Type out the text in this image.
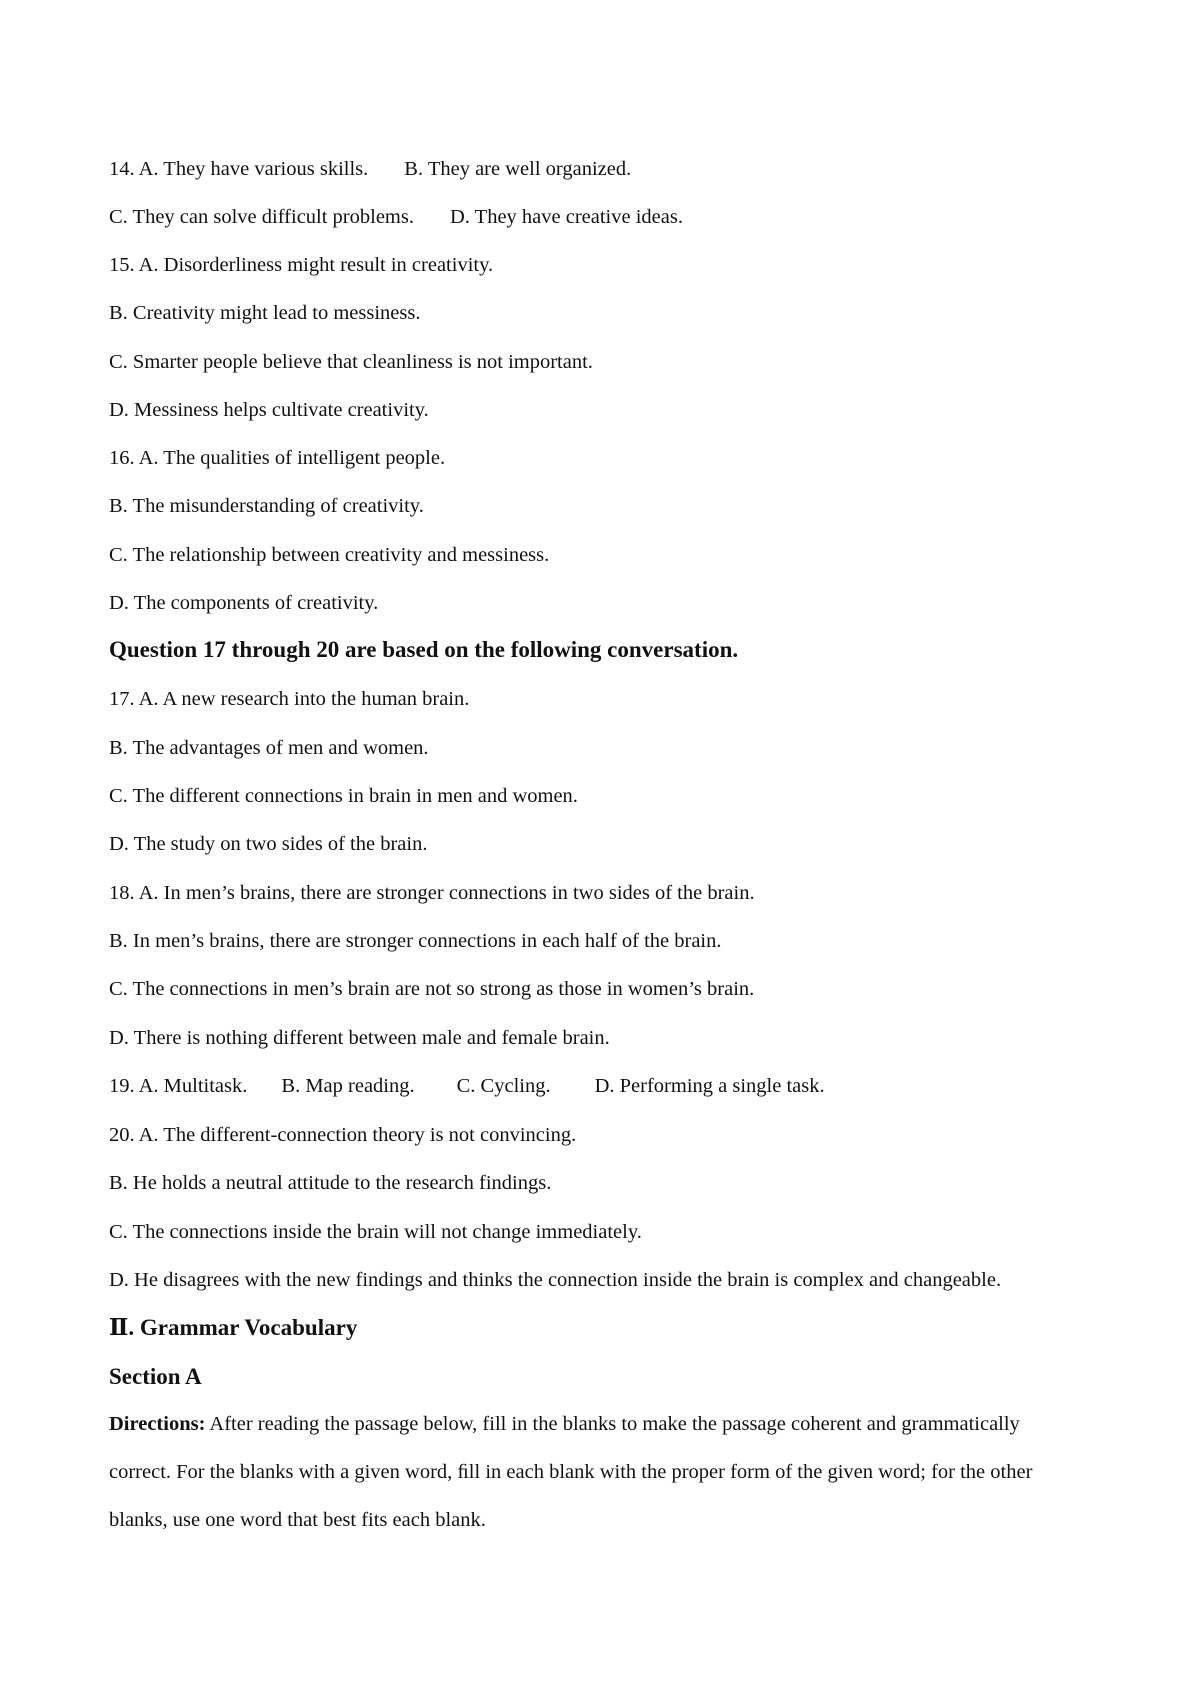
14. A. They have various skills. B. They are well organized.
C. They can solve difficult problems. D. They have creative ideas.
15. A. Disorderliness might result in creativity.
B. Creativity might lead to messiness.
C. Smarter people believe that cleanliness is not important.
D. Messiness helps cultivate creativity.
16. A. The qualities of intelligent people.
B. The misunderstanding of creativity.
C. The relationship between creativity and messiness.
D. The components of creativity.
Question 17 through 20 are based on the following conversation.
17. A. A new research into the human brain.
B. The advantages of men and women.
C. The different connections in brain in men and women.
D. The study on two sides of the brain.
18. A. In men’s brains, there are stronger connections in two sides of the brain.
B. In men’s brains, there are stronger connections in each half of the brain.
C. The connections in men’s brain are not so strong as those in women’s brain.
D. There is nothing different between male and female brain.
19. A. Multitask. B. Map reading. C. Cycling. D. Performing a single task.
20. A. The different-connection theory is not convincing.
B. He holds a neutral attitude to the research findings.
C. The connections inside the brain will not change immediately.
D. He disagrees with the new findings and thinks the connection inside the brain is complex and changeable.
Ⅱ. Grammar Vocabulary
Section A
Directions: After reading the passage below, fill in the blanks to make the passage coherent and grammatically correct. For the blanks with a given word, ﬁll in each blank with the proper form of the given word; for the other blanks, use one word that best fits each blank.
